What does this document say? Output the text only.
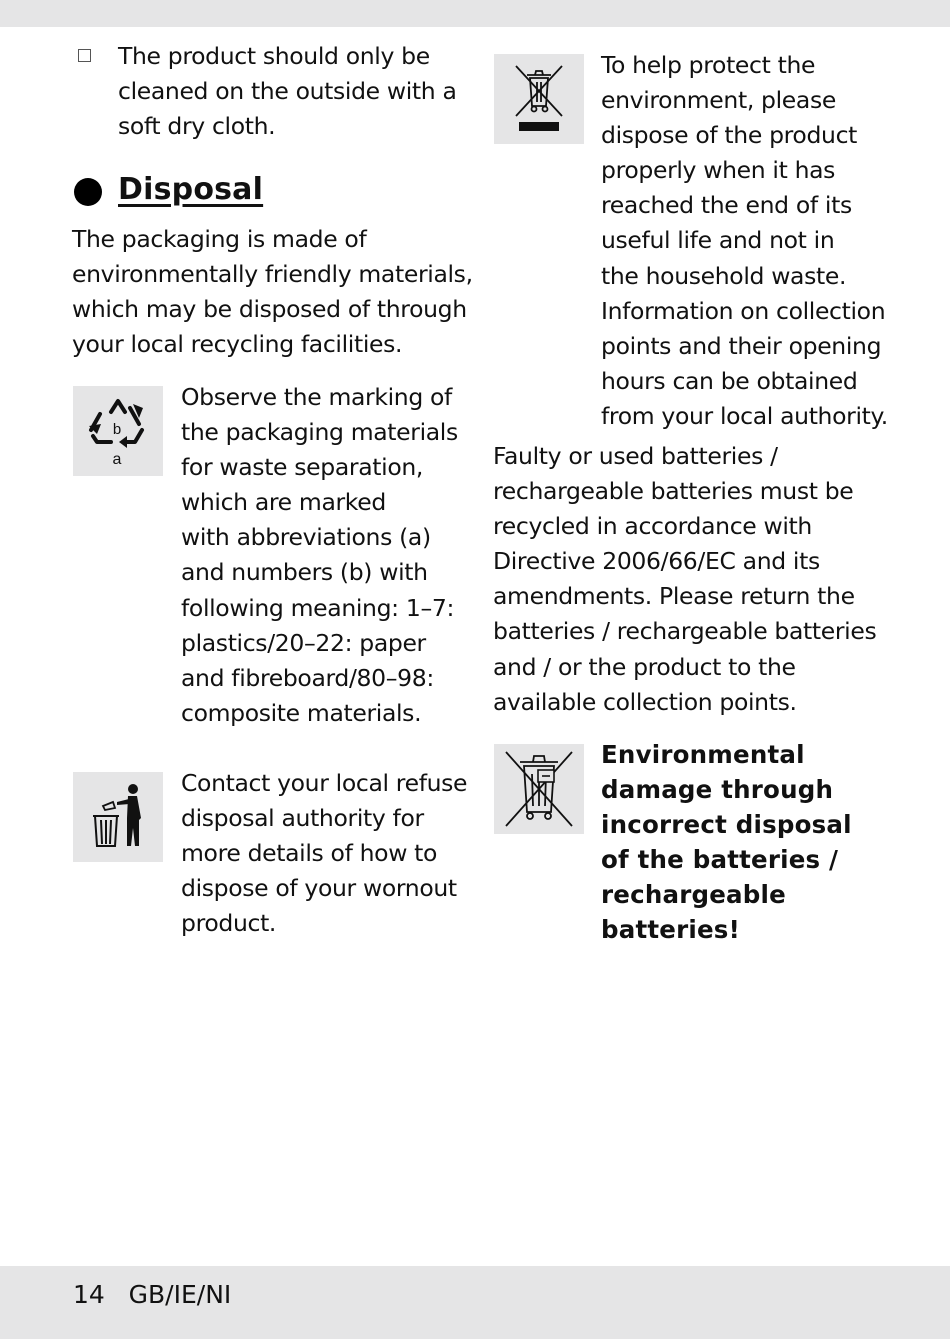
The product should only be
cleaned on the outside with a
soft dry cloth.
Disposal
The packaging is made of
environmentally friendly materials,
which may be disposed of through
your local recycling facilities.
b
a
Observe the marking of
the packaging materials
for waste separation,
which are marked
with abbreviations (a)
and numbers (b) with
following meaning: 1–7:
plastics/20–22: paper
and fibreboard/80–98:
composite materials.
Contact your local refuse
disposal authority for
more details of how to
dispose of your wornout
product.
To help protect the
environment, please
dispose of the product
properly when it has
reached the end of its
useful life and not in
the household waste.
Information on collection
points and their opening
hours can be obtained
from your local authority.
Faulty or used batteries /
rechargeable batteries must be
recycled in accordance with
Directive 2006/66/EC and its
amendments. Please return the
batteries / rechargeable batteries
and / or the product to the
available collection points.
Environmental
damage through
incorrect disposal
of the batteries /
rechargeable
batteries!
14 GB/IE/NI
